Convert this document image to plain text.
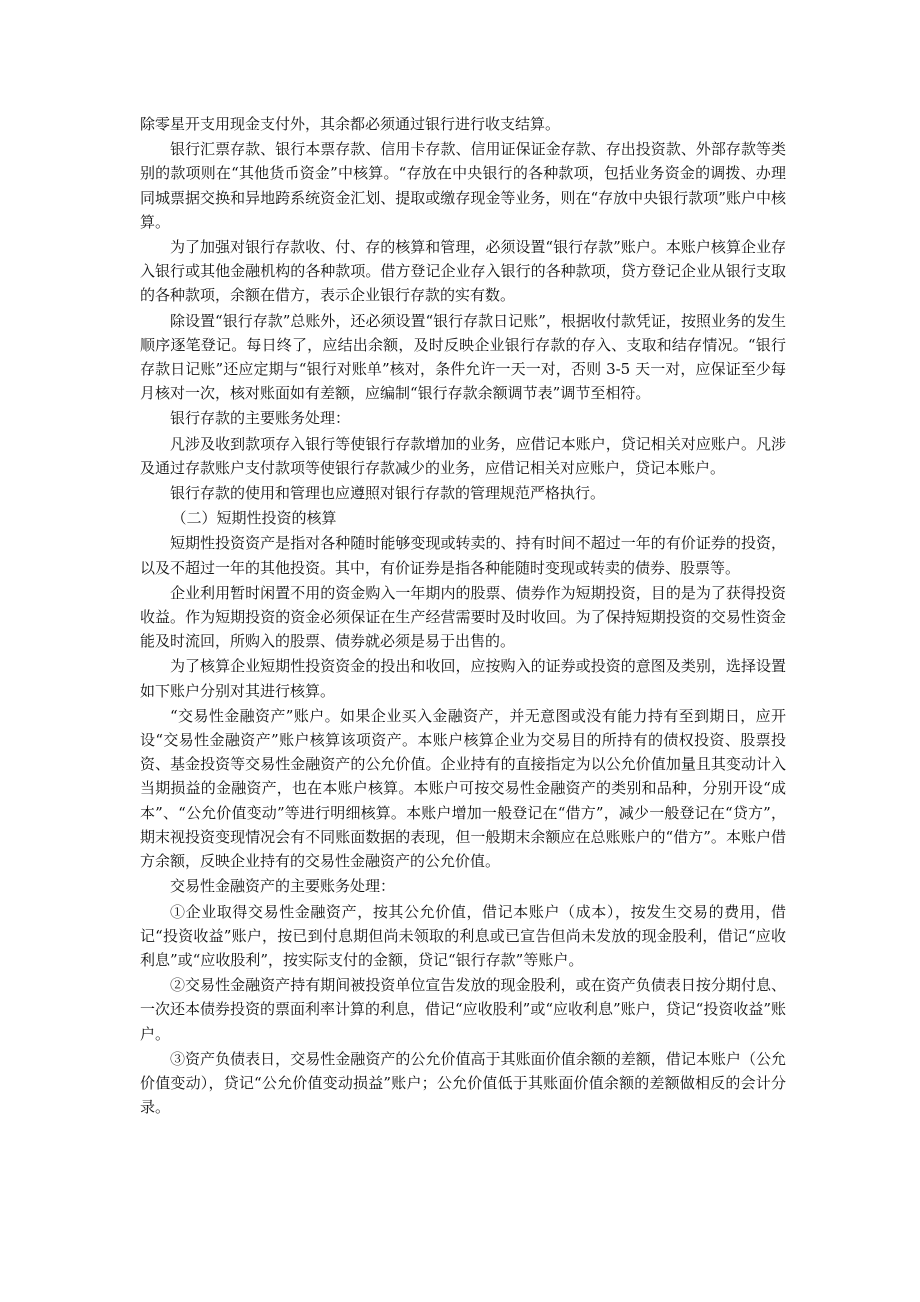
除零星开支用现金支付外，其余都必须通过银行进行收支结算。

银行汇票存款、银行本票存款、信用卡存款、信用证保证金存款、存出投资款、外部存款等类别的款项则在“其他货币资金”中核算。“存放在中央银行的各种款项，包括业务资金的调拨、办理同城票据交换和异地跨系统资金汇划、提取或缴存现金等业务，则在“存放中央银行款项”账户中核算。

为了加强对银行存款收、付、存的核算和管理，必须设置“银行存款”账户。本账户核算企业存入银行或其他金融机构的各种款项。借方登记企业存入银行的各种款项，贷方登记企业从银行支取的各种款项，余额在借方，表示企业银行存款的实有数。

除设置“银行存款”总账外，还必须设置“银行存款日记账”，根据收付款凭证，按照业务的发生顺序逐笔登记。每日终了，应结出余额，及时反映企业银行存款的存入、支取和结存情况。“银行存款日记账”还应定期与“银行对账单”核对，条件允许一天一对，否则 3-5 天一对，应保证至少每月核对一次，核对账面如有差额，应编制“银行存款余额调节表”调节至相符。

银行存款的主要账务处理：

凡涉及收到款项存入银行等使银行存款增加的业务，应借记本账户，贷记相关对应账户。凡涉及通过存款账户支付款项等使银行存款减少的业务，应借记相关对应账户，贷记本账户。

银行存款的使用和管理也应遵照对银行存款的管理规范严格执行。

（二）短期性投资的核算

短期性投资资产是指对各种随时能够变现或转卖的、持有时间不超过一年的有价证券的投资，以及不超过一年的其他投资。其中，有价证券是指各种能随时变现或转卖的债券、股票等。

企业利用暂时闲置不用的资金购入一年期内的股票、债券作为短期投资，目的是为了获得投资收益。作为短期投资的资金必须保证在生产经营需要时及时收回。为了保持短期投资的交易性资金能及时流回，所购入的股票、债券就必须是易于出售的。

为了核算企业短期性投资资金的投出和收回，应按购入的证券或投资的意图及类别，选择设置如下账户分别对其进行核算。

“交易性金融资产”账户。如果企业买入金融资产，并无意图或没有能力持有至到期日，应开设“交易性金融资产”账户核算该项资产。本账户核算企业为交易目的所持有的债权投资、股票投资、基金投资等交易性金融资产的公允价值。企业持有的直接指定为以公允价值加量且其变动计入当期损益的金融资产，也在本账户核算。本账户可按交易性金融资产的类别和品种，分别开设“成本”、“公允价值变动”等进行明细核算。本账户增加一般登记在“借方”，减少一般登记在“贷方”，期末视投资变现情况会有不同账面数据的表现，但一般期末余额应在总账账户的“借方”。本账户借方余额，反映企业持有的交易性金融资产的公允价值。

交易性金融资产的主要账务处理：

①企业取得交易性金融资产，按其公允价值，借记本账户（成本），按发生交易的费用，借记“投资收益”账户，按已到付息期但尚未领取的利息或已宣告但尚未发放的现金股利，借记“应收利息”或“应收股利”，按实际支付的金额，贷记“银行存款”等账户。

②交易性金融资产持有期间被投资单位宣告发放的现金股利，或在资产负债表日按分期付息、一次还本债券投资的票面利率计算的利息，借记“应收股利”或“应收利息”账户，贷记“投资收益”账户。

③资产负债表日，交易性金融资产的公允价值高于其账面价值余额的差额，借记本账户（公允价值变动），贷记“公允价值变动损益”账户；公允价值低于其账面价值余额的差额做相反的会计分录。
